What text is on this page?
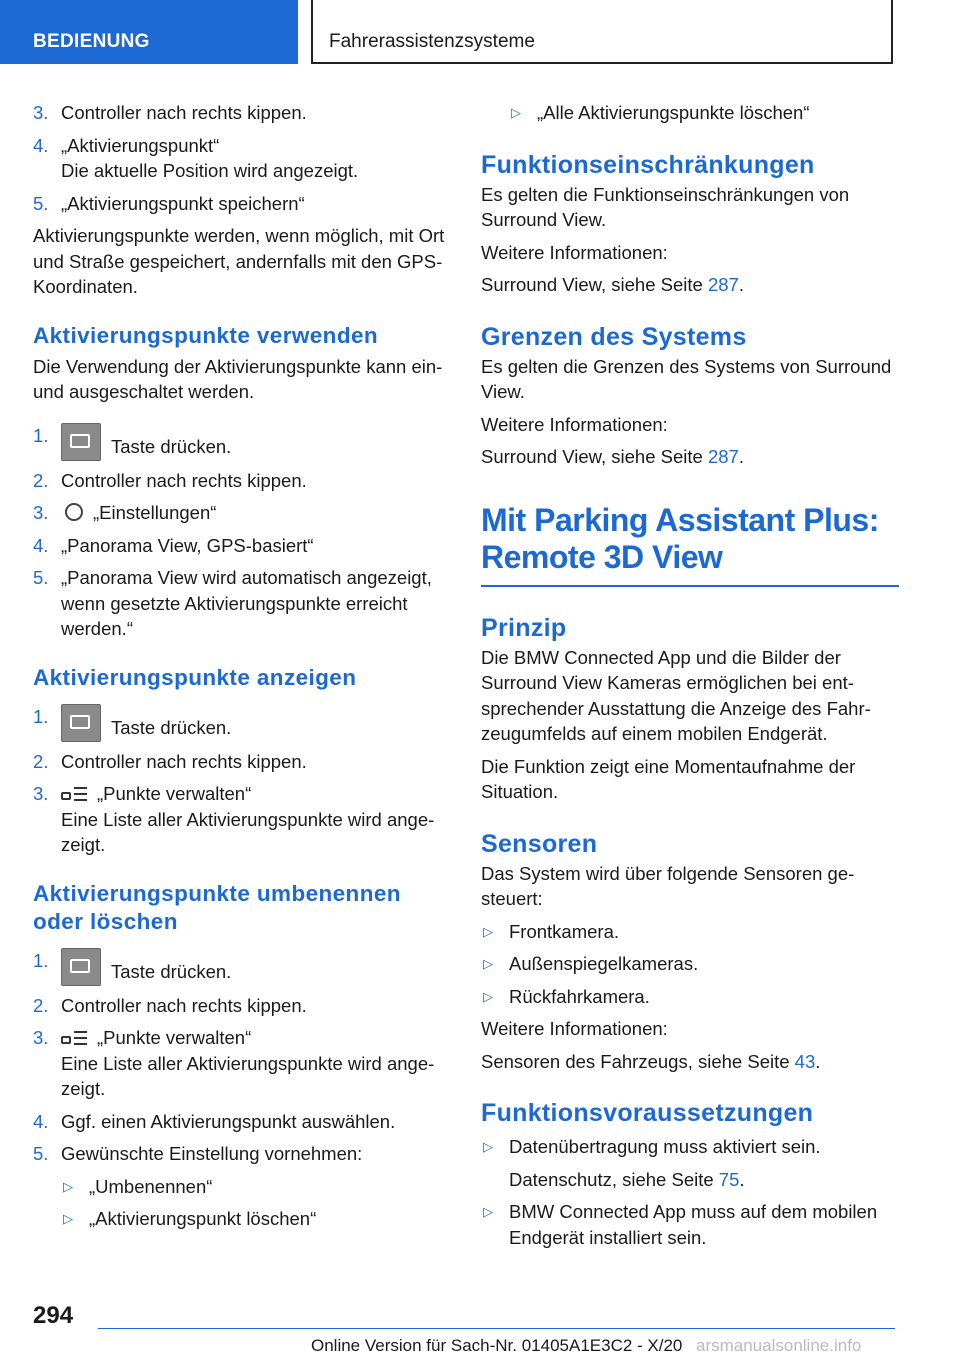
BEDIENUNG	Fahrerassistenzsysteme
3. Controller nach rechts kippen.
4. „Aktivierungspunkt“
Die aktuelle Position wird angezeigt.
5. „Aktivierungspunkt speichern“

Aktivierungspunkte werden, wenn möglich, mit Ort und Straße gespeichert, andernfalls mit den GPS-Koordinaten.

Aktivierungspunkte verwenden

Die Verwendung der Aktivierungspunkte kann ein- und ausgeschaltet werden.

1.
Taste drücken.
2. Controller nach rechts kippen.
3.	„Einstellungen“
4. „Panorama View, GPS-basiert“
5. „Panorama View wird automatisch angezeigt, wenn gesetzte Aktivierungspunkte erreicht werden.“

Aktivierungspunkte anzeigen

1.
Taste drücken.
2. Controller nach rechts kippen.
3.	„Punkte verwalten“
Eine Liste aller Aktivierungspunkte wird angezeigt.

Aktivierungspunkte umbenennen oder löschen

1.
Taste drücken.
2. Controller nach rechts kippen.
3.	„Punkte verwalten“
Eine Liste aller Aktivierungspunkte wird angezeigt.
4. Ggf. einen Aktivierungspunkt auswählen.
5. Gewünschte Einstellung vornehmen:
▷ „Umbenennen“
▷ „Aktivierungspunkt löschen“
▷ „Alle Aktivierungspunkte löschen“

Funktionseinschränkungen

Es gelten die Funktionseinschränkungen von Surround View.

Weitere Informationen:

Surround View, siehe Seite 287.

Grenzen des Systems

Es gelten die Grenzen des Systems von Surround View.

Weitere Informationen:

Surround View, siehe Seite 287.

Mit Parking Assistant Plus: Remote 3D View

Prinzip

Die BMW Connected App und die Bilder der Surround View Kameras ermöglichen bei entsprechender Ausstattung die Anzeige des Fahrzeugumfelds auf einem mobilen Endgerät.

Die Funktion zeigt eine Momentaufnahme der Situation.

Sensoren

Das System wird über folgende Sensoren gesteuert:

▷ Frontkamera.
▷ Außenspiegelkameras.
▷ Rückfahrkamera.

Weitere Informationen:

Sensoren des Fahrzeugs, siehe Seite 43.

Funktionsvoraussetzungen

▷ Datenübertragung muss aktiviert sein.
Datenschutz, siehe Seite 75.
▷ BMW Connected App muss auf dem mobilen Endgerät installiert sein.
294
Online Version für Sach-Nr. 01405A1E3C2 - X/20 arsmanualsonline.info
